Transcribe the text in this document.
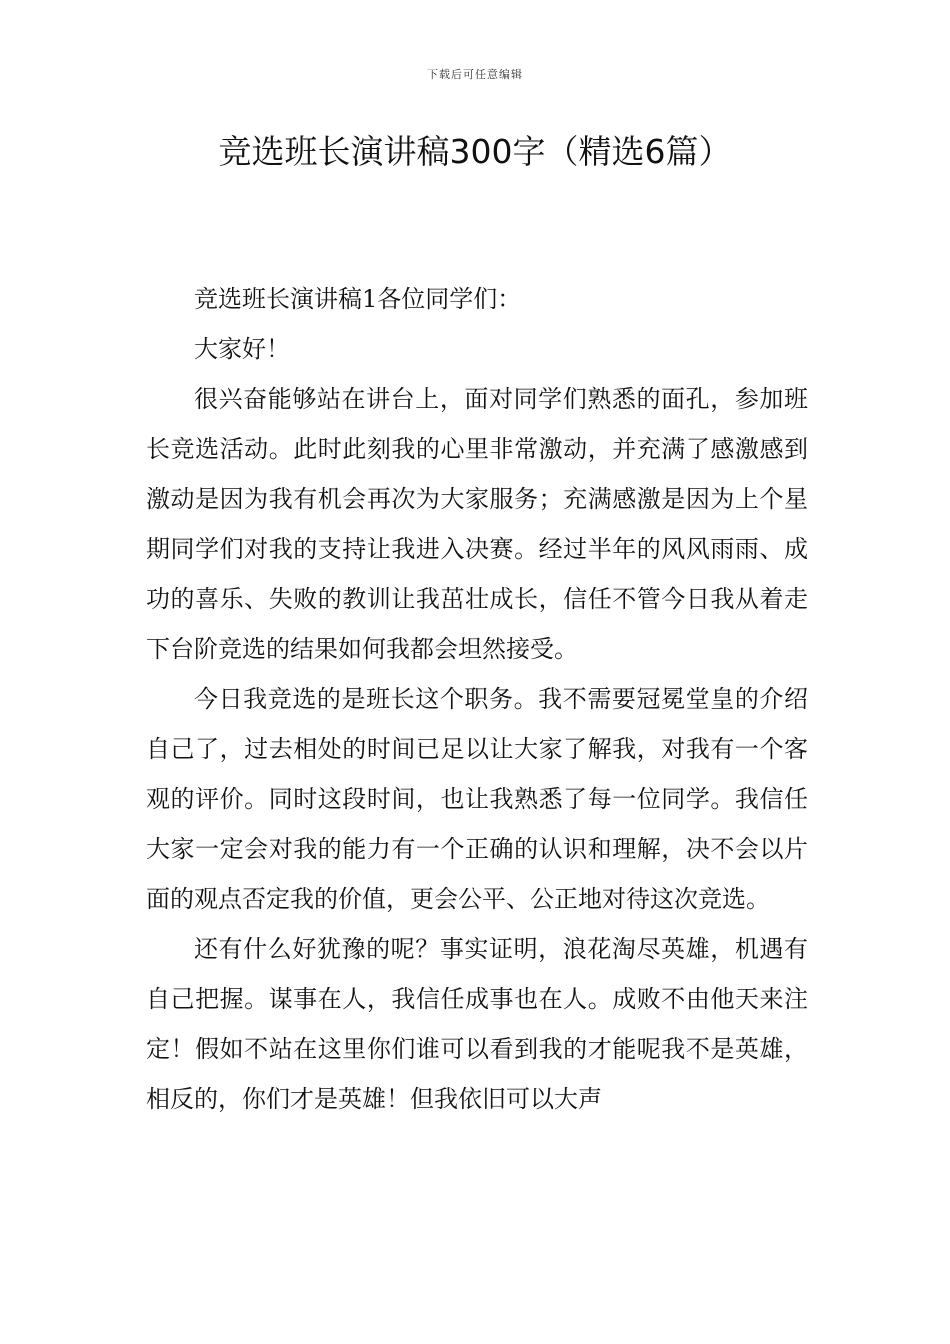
下载后可任意编辑
竞选班长演讲稿300字（精选6篇）

竞选班长演讲稿1各位同学们：

大家好！

很兴奋能够站在讲台上，面对同学们熟悉的面孔，参加班长竞选活动。此时此刻我的心里非常激动，并充满了感激感到激动是因为我有机会再次为大家服务；充满感激是因为上个星期同学们对我的支持让我进入决赛。经过半年的风风雨雨、成功的喜乐、失败的教训让我茁壮成长，信任不管今日我从着走下台阶竞选的结果如何我都会坦然接受。

今日我竞选的是班长这个职务。我不需要冠冕堂皇的介绍自己了，过去相处的时间已足以让大家了解我，对我有一个客观的评价。同时这段时间，也让我熟悉了每一位同学。我信任大家一定会对我的能力有一个正确的认识和理解，决不会以片面的观点否定我的价值，更会公平、公正地对待这次竞选。

还有什么好犹豫的呢？事实证明，浪花淘尽英雄，机遇有自己把握。谋事在人，我信任成事也在人。成败不由他天来注定！假如不站在这里你们谁可以看到我的才能呢我不是英雄，相反的，你们才是英雄！但我依旧可以大声
